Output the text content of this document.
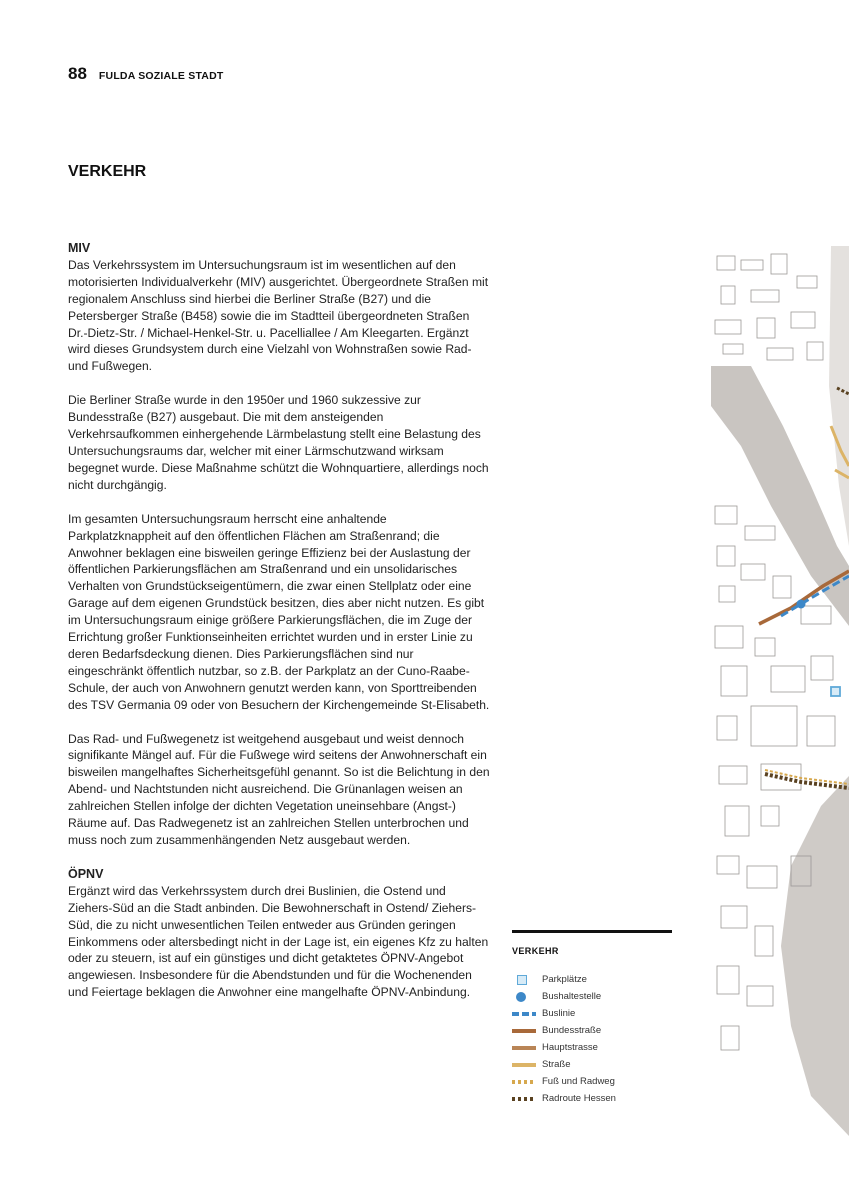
88 FULDA SOZIALE STADT
VERKEHR
MIV

Das Verkehrssystem im Untersuchungsraum ist im wesentlichen auf den motorisierten Individualverkehr (MIV) ausgerichtet. Übergeordnete Straßen mit regionalem Anschluss sind hierbei die Berliner Straße (B27) und die Petersberger Straße (B458) sowie die im Stadtteil übergeordneten Straßen Dr.-Dietz-Str. / Michael-Henkel-Str. u. Pacelliallee / Am Kleegarten. Ergänzt wird dieses Grundsystem durch eine Vielzahl von Wohnstraßen sowie Rad- und Fußwegen.

Die Berliner Straße wurde in den 1950er und 1960 sukzessive zur Bundesstraße (B27) ausgebaut. Die mit dem ansteigenden Verkehrsaufkommen einhergehende Lärmbelastung stellt eine Belastung des Untersuchungsraums dar, welcher mit einer Lärmschutzwand wirksam begegnet wurde. Diese Maßnahme schützt die Wohnquartiere, allerdings noch nicht durchgängig.

Im gesamten Untersuchungsraum herrscht eine anhaltende Parkplatzknappheit auf den öffentlichen Flächen am Straßenrand; die Anwohner beklagen eine bisweilen geringe Effizienz bei der Auslastung der öffentlichen Parkierungsflächen am Straßenrand und ein unsolidarisches Verhalten von Grundstückseigentümern, die zwar einen Stellplatz oder eine Garage auf dem eigenen Grundstück besitzen, dies aber nicht nutzen. Es gibt im Untersuchungsraum einige größere Parkierungsflächen, die im Zuge der Errichtung großer Funktionseinheiten errichtet wurden und in erster Linie zu deren Bedarfsdeckung dienen. Dies Parkierungsflächen sind nur eingeschränkt öffentlich nutzbar, so z.B. der Parkplatz an der Cuno-Raabe-Schule, der auch von Anwohnern genutzt werden kann, von Sporttreibenden des TSV Germania 09 oder von Besuchern der Kirchengemeinde St-Elisabeth.

Das Rad- und Fußwegenetz ist weitgehend ausgebaut und weist dennoch signifikante Mängel auf. Für die Fußwege wird seitens der Anwohnerschaft ein bisweilen mangelhaftes Sicherheitsgefühl genannt. So ist die Belichtung in den Abend- und Nachtstunden nicht ausreichend. Die Grünanlagen weisen an zahlreichen Stellen infolge der dichten Vegetation uneinsehbare (Angst-) Räume auf. Das Radwegenetz ist an zahlreichen Stellen unterbrochen und muss noch zum zusammenhängenden Netz ausgebaut werden.

ÖPNV

Ergänzt wird das Verkehrssystem durch drei Buslinien, die Ostend und Ziehers-Süd an die Stadt anbinden. Die Bewohnerschaft in Ostend/ Ziehers-Süd, die zu nicht unwesentlichen Teilen entweder aus Gründen geringen Einkommens oder altersbedingt nicht in der Lage ist, ein eigenes Kfz zu halten oder zu steuern, ist auf ein günstiges und dicht getaktetes ÖPNV-Angebot angewiesen. Insbesondere für die Abendstunden und für die Wochenenden und Feiertage beklagen die Anwohner eine mangelhafte ÖPNV-Anbindung.

VERKEHR
Parkplätze
Bushaltestelle
Buslinie
Bundesstraße
Hauptstrasse
Straße
Fuß und Radweg
Radroute Hessen
